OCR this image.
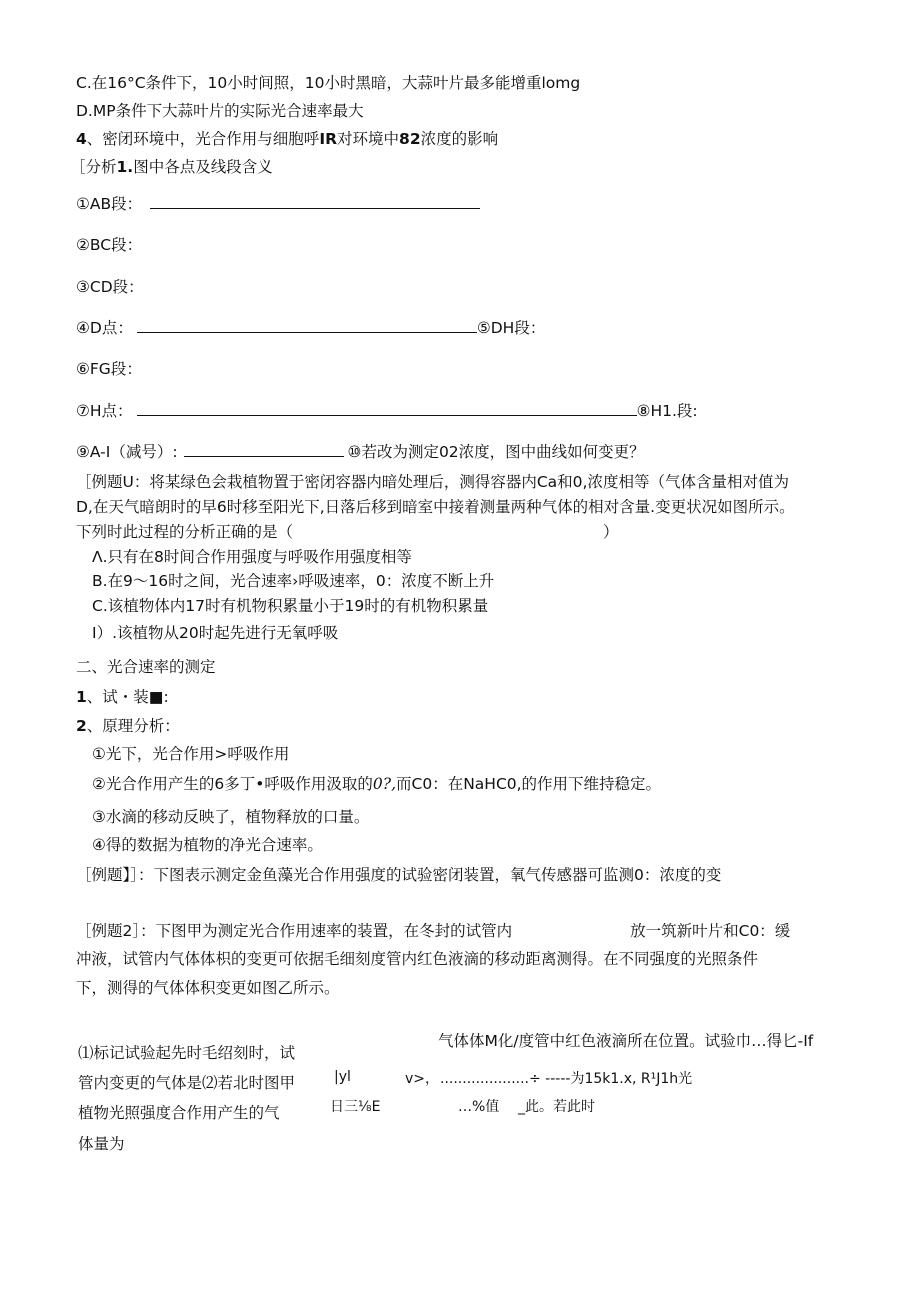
C.在16°C条件下，10小时间照，10小时黑暗，大蒜叶片最多能增重lomg
D.MP条件下大蒜叶片的实际光合速率最大
4、密闭环境中，光合作用与细胞呼IR对环境中82浓度的影响
［分析1.图中各点及线段含义
①AB段：
②BC段：
③CD段：
④D点：	⑤DH段：
⑥FG段：
⑦H点：	⑧H1.段:
⑨A-I（减号）:	⑩若改为测定02浓度，图中曲线如何变更？
［例题U：将某绿色会栽植物置于密闭容器内暗处理后，测得容器内Ca和0,浓度相等（气体含量相对值为
D,在天气暗朗时的早6时移至阳光下,日落后移到暗室中接着测量两种气体的相对含量.变更状况如图所示。
下列时此过程的分析正确的是（	）
Λ.只有在8时间合作用强度与呼吸作用强度相等
B.在9〜16时之间，光合速率›呼吸速率，0：浓度不断上升
C.该植物体内17时有机物积累量小于19时的有机物积累量
I）.该植物从20时起先进行无氧呼吸
二、光合速率的测定
1、试・装■:
2、原理分析：
①光下，光合作用>呼吸作用
②光合作用产生的6多丁•呼吸作用汲取的0?,而C0：在NaHC0,的作用下维持稳定。
③水滴的移动反映了，植物释放的口量。
④得的数据为植物的净光合速率。
［例题】］：下图表示测定金鱼藻光合作用强度的试验密闭装置，氧气传感器可监测0：浓度的变
［例题2］：下图甲为测定光合作用速率的装置，在冬封的试管内	放一筑新叶片和C0：缓
冲液，试管内气体体枳的变更可依据毛细刻度管内红色液滴的移动距离测得。在不同强度的光照条件
下，测得的气体体积变更如图乙所示。
⑴标记试验起先时毛绍刻时，试
管内变更的气体是⑵若北时图甲
植物光照强度合作用产生的气
体量为
气体体M化/度管中红色液滴所在位置。试验巾…得匕-If
|yl	v>， ....................÷ -----为15k1.x, R¹J1h光
日三⅛E	…%值 _此。若此时
